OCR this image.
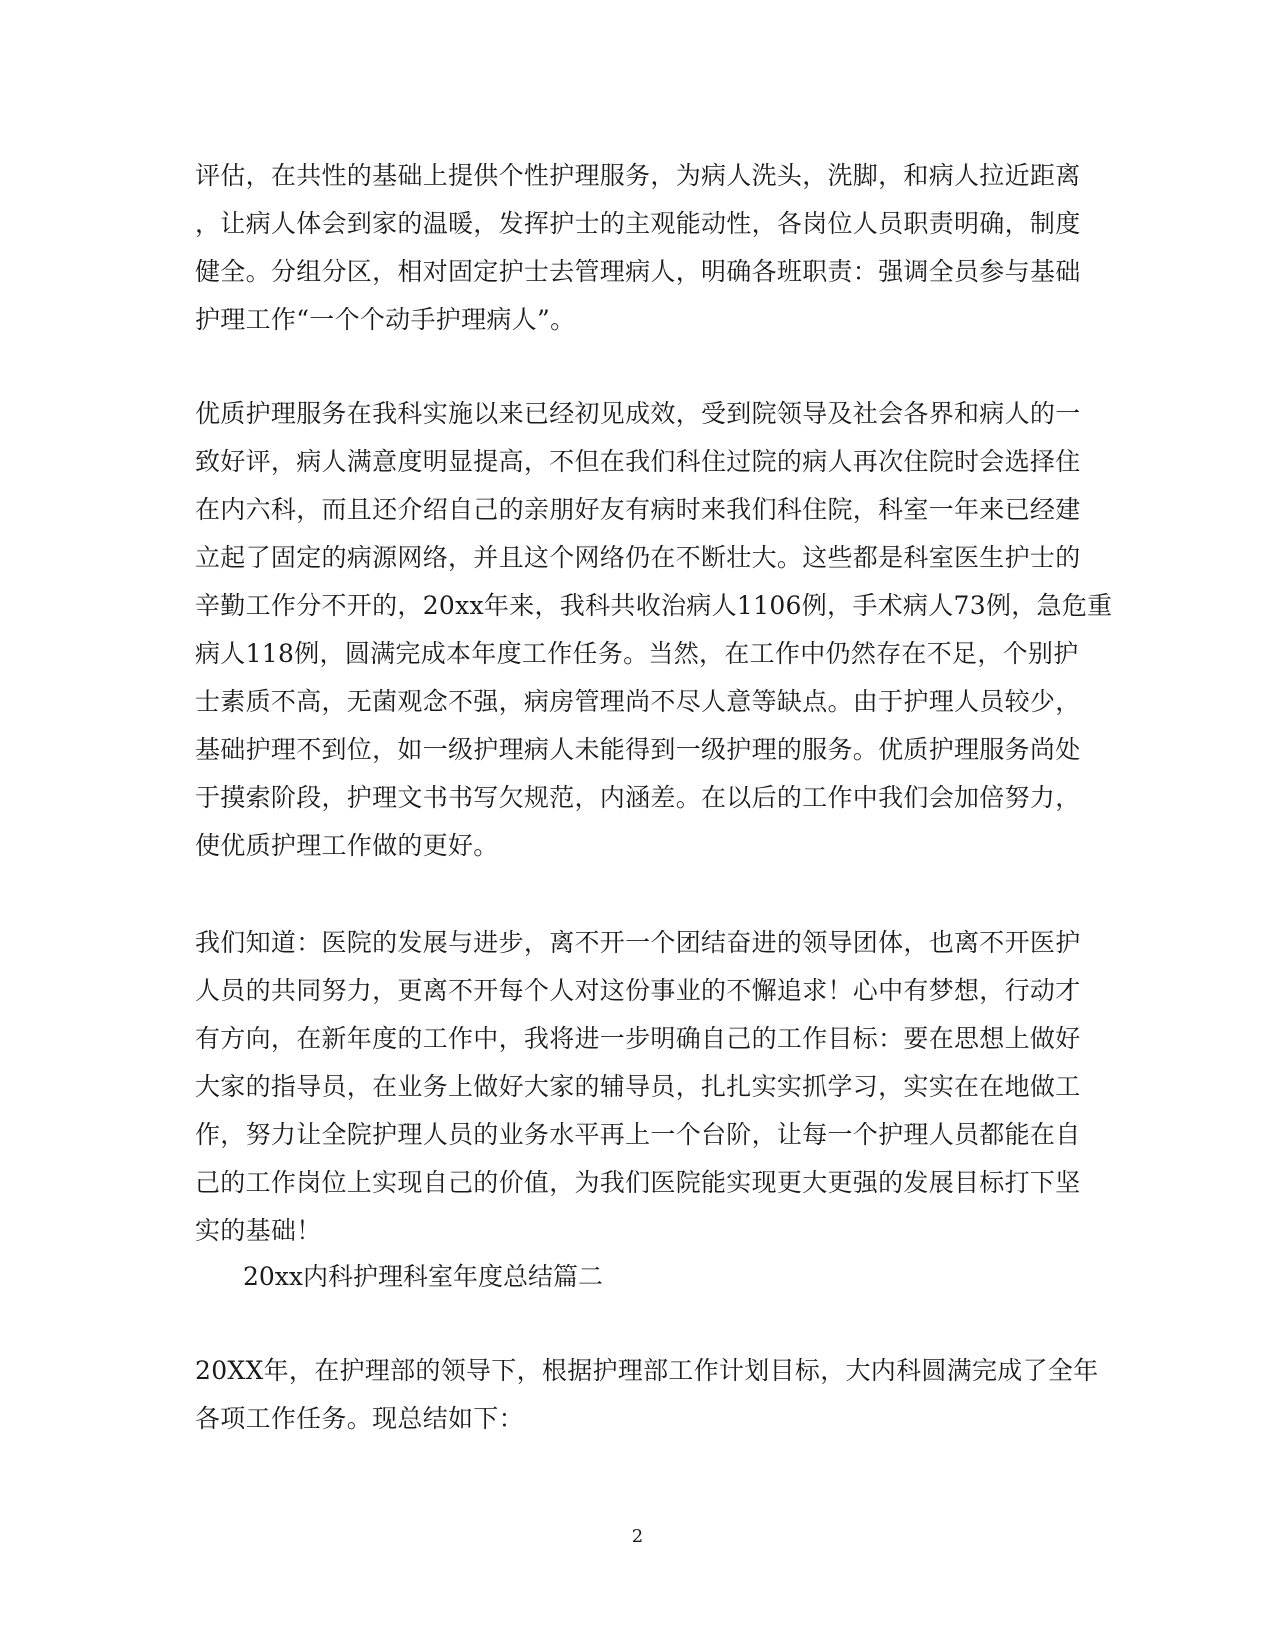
评估，在共性的基础上提供个性护理服务，为病人洗头，洗脚，和病人拉近距离
，让病人体会到家的温暖，发挥护士的主观能动性，各岗位人员职责明确，制度
健全。分组分区，相对固定护士去管理病人，明确各班职责：强调全员参与基础
护理工作“一个个动手护理病人”。
优质护理服务在我科实施以来已经初见成效，受到院领导及社会各界和病人的一
致好评，病人满意度明显提高，不但在我们科住过院的病人再次住院时会选择住
在内六科，而且还介绍自己的亲朋好友有病时来我们科住院，科室一年来已经建
立起了固定的病源网络，并且这个网络仍在不断壮大。这些都是科室医生护士的
辛勤工作分不开的，20xx年来，我科共收治病人1106例，手术病人73例，急危重
病人118例，圆满完成本年度工作任务。当然，在工作中仍然存在不足，个别护
士素质不高，无菌观念不强，病房管理尚不尽人意等缺点。由于护理人员较少，
基础护理不到位，如一级护理病人未能得到一级护理的服务。优质护理服务尚处
于摸索阶段，护理文书书写欠规范，内涵差。在以后的工作中我们会加倍努力，
使优质护理工作做的更好。
我们知道：医院的发展与进步，离不开一个团结奋进的领导团体，也离不开医护
人员的共同努力，更离不开每个人对这份事业的不懈追求！心中有梦想，行动才
有方向，在新年度的工作中，我将进一步明确自己的工作目标：要在思想上做好
大家的指导员，在业务上做好大家的辅导员，扎扎实实抓学习，实实在在地做工
作，努力让全院护理人员的业务水平再上一个台阶，让每一个护理人员都能在自
己的工作岗位上实现自己的价值，为我们医院能实现更大更强的发展目标打下坚
实的基础！
20xx内科护理科室年度总结篇二
20XX年，在护理部的领导下，根据护理部工作计划目标，大内科圆满完成了全年
各项工作任务。现总结如下：
2
